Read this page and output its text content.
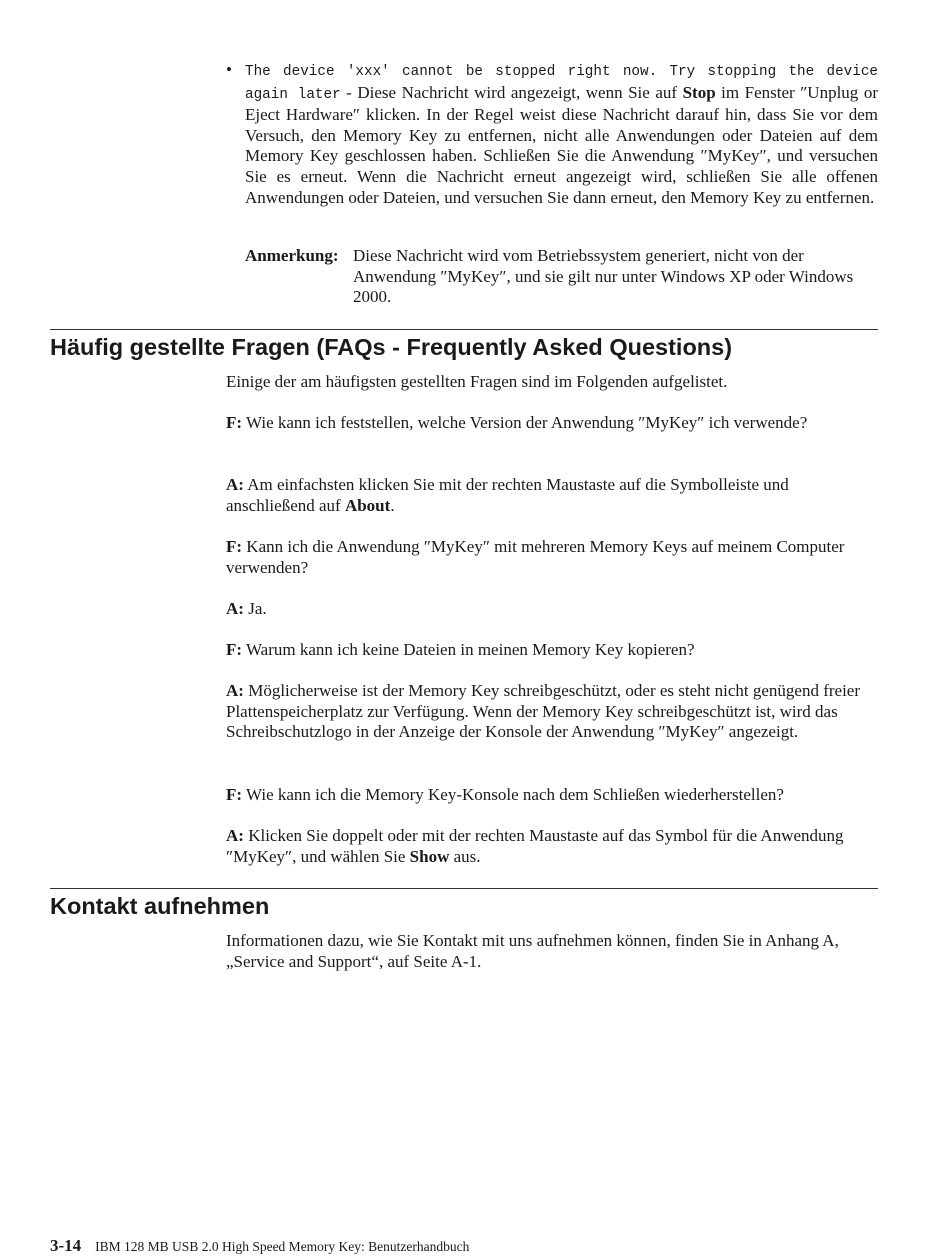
• The device 'xxx' cannot be stopped right now. Try stopping the device again later - Diese Nachricht wird angezeigt, wenn Sie auf Stop im Fenster ″Unplug or Eject Hardware″ klicken. In der Regel weist diese Nachricht darauf hin, dass Sie vor dem Versuch, den Memory Key zu entfernen, nicht alle Anwendungen oder Dateien auf dem Memory Key geschlossen haben. Schließen Sie die Anwendung ″MyKey″, und versuchen Sie es erneut. Wenn die Nachricht erneut angezeigt wird, schließen Sie alle offenen Anwendungen oder Dateien, und versuchen Sie dann erneut, den Memory Key zu entfernen.
Anmerkung: Diese Nachricht wird vom Betriebssystem generiert, nicht von der Anwendung ″MyKey″, und sie gilt nur unter Windows XP oder Windows 2000.
Häufig gestellte Fragen (FAQs - Frequently Asked Questions)
Einige der am häufigsten gestellten Fragen sind im Folgenden aufgelistet.
F: Wie kann ich feststellen, welche Version der Anwendung ″MyKey″ ich verwende?
A: Am einfachsten klicken Sie mit der rechten Maustaste auf die Symbolleiste und anschließend auf About.
F: Kann ich die Anwendung ″MyKey″ mit mehreren Memory Keys auf meinem Computer verwenden?
A: Ja.
F: Warum kann ich keine Dateien in meinen Memory Key kopieren?
A: Möglicherweise ist der Memory Key schreibgeschützt, oder es steht nicht genügend freier Plattenspeicherplatz zur Verfügung. Wenn der Memory Key schreibgeschützt ist, wird das Schreibschutzlogo in der Anzeige der Konsole der Anwendung ″MyKey″ angezeigt.
F: Wie kann ich die Memory Key-Konsole nach dem Schließen wiederherstellen?
A: Klicken Sie doppelt oder mit der rechten Maustaste auf das Symbol für die Anwendung ″MyKey″, und wählen Sie Show aus.
Kontakt aufnehmen
Informationen dazu, wie Sie Kontakt mit uns aufnehmen können, finden Sie in Anhang A, „Service and Support“, auf Seite A-1.
3-14 IBM 128 MB USB 2.0 High Speed Memory Key: Benutzerhandbuch
